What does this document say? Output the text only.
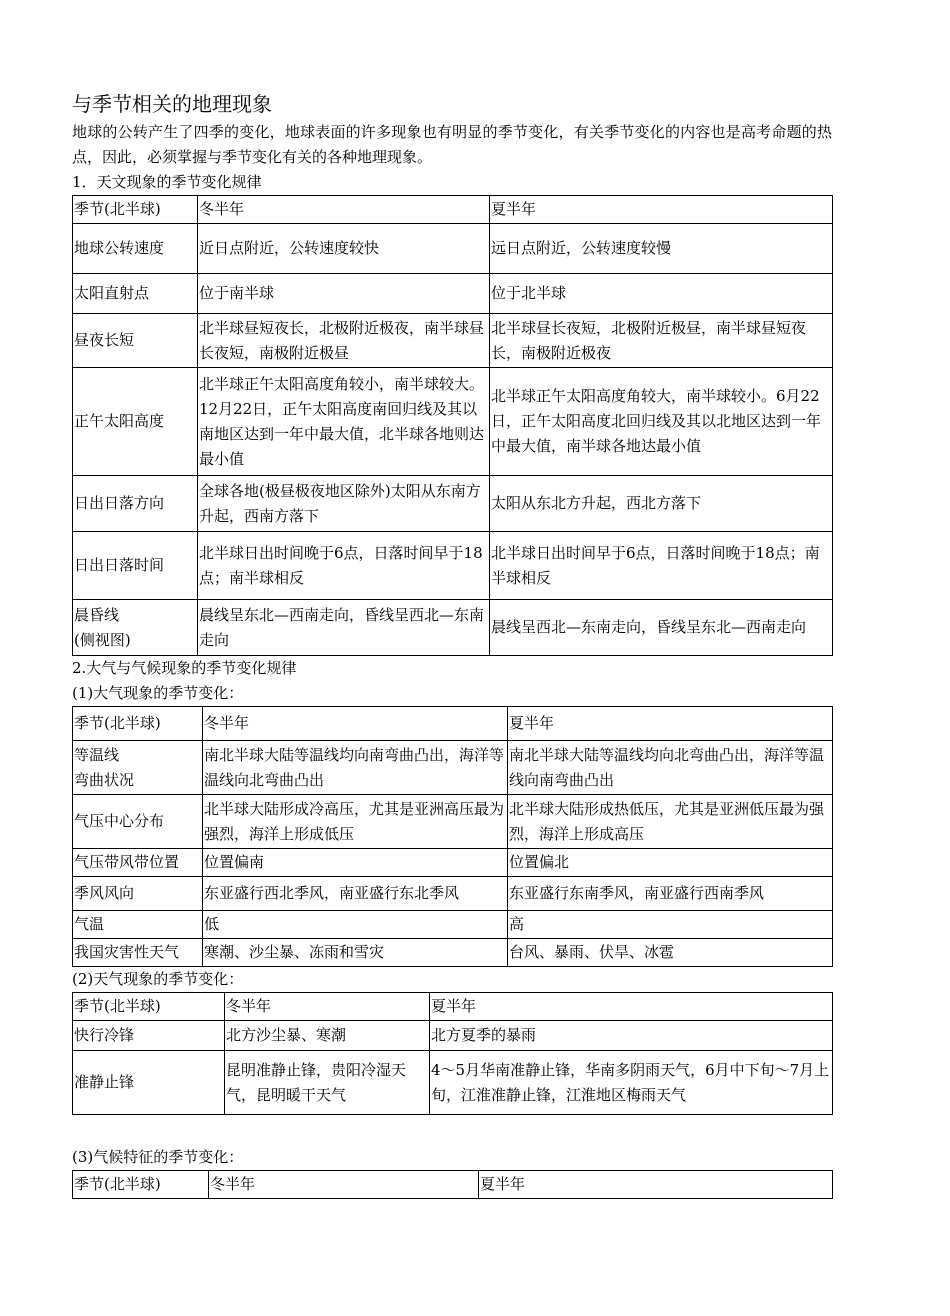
与季节相关的地理现象

地球的公转产生了四季的变化，地球表面的许多现象也有明显的季节变化，有关季节变化的内容也是高考命题的热点，因此，必须掌握与季节变化有关的各种地理现象。

1．天文现象的季节变化规律
季节(北半球)	冬半年	夏半年
地球公转速度	近日点附近，公转速度较快	远日点附近，公转速度较慢
太阳直射点	位于南半球	位于北半球
昼夜长短	北半球昼短夜长，北极附近极夜，南半球昼长夜短，南极附近极昼	北半球昼长夜短，北极附近极昼，南半球昼短夜长，南极附近极夜
正午太阳高度	北半球正午太阳高度角较小，南半球较大。12月22日，正午太阳高度南回归线及其以南地区达到一年中最大值，北半球各地则达最小值	北半球正午太阳高度角较大，南半球较小。6月22日，正午太阳高度北回归线及其以北地区达到一年中最大值，南半球各地达最小值
日出日落方向	全球各地(极昼极夜地区除外)太阳从东南方升起，西南方落下	太阳从东北方升起，西北方落下
日出日落时间	北半球日出时间晚于6点，日落时间早于18点；南半球相反	北半球日出时间早于6点，日落时间晚于18点；南半球相反
晨昏线
(侧视图)	晨线呈东北—西南走向，昏线呈西北—东南走向	晨线呈西北—东南走向，昏线呈东北—西南走向
2.大气与气候现象的季节变化规律
(1)大气现象的季节变化：
季节(北半球)	冬半年	夏半年
等温线
弯曲状况	南北半球大陆等温线均向南弯曲凸出，海洋等温线向北弯曲凸出	南北半球大陆等温线均向北弯曲凸出，海洋等温线向南弯曲凸出
气压中心分布	北半球大陆形成冷高压，尤其是亚洲高压最为强烈，海洋上形成低压	北半球大陆形成热低压，尤其是亚洲低压最为强烈，海洋上形成高压
气压带风带位置	位置偏南	位置偏北
季风风向	东亚盛行西北季风，南亚盛行东北季风	东亚盛行东南季风，南亚盛行西南季风
气温	低	高
我国灾害性天气	寒潮、沙尘暴、冻雨和雪灾	台风、暴雨、伏旱、冰雹
(2)天气现象的季节变化：
季节(北半球)	冬半年	夏半年
快行冷锋	北方沙尘暴、寒潮	北方夏季的暴雨
准静止锋	昆明准静止锋，贵阳冷湿天气，昆明暖干天气	4～5月华南准静止锋，华南多阴雨天气，6月中下旬～7月上旬，江淮准静止锋，江淮地区梅雨天气
(3)气候特征的季节变化：
季节(北半球)	冬半年	夏半年
